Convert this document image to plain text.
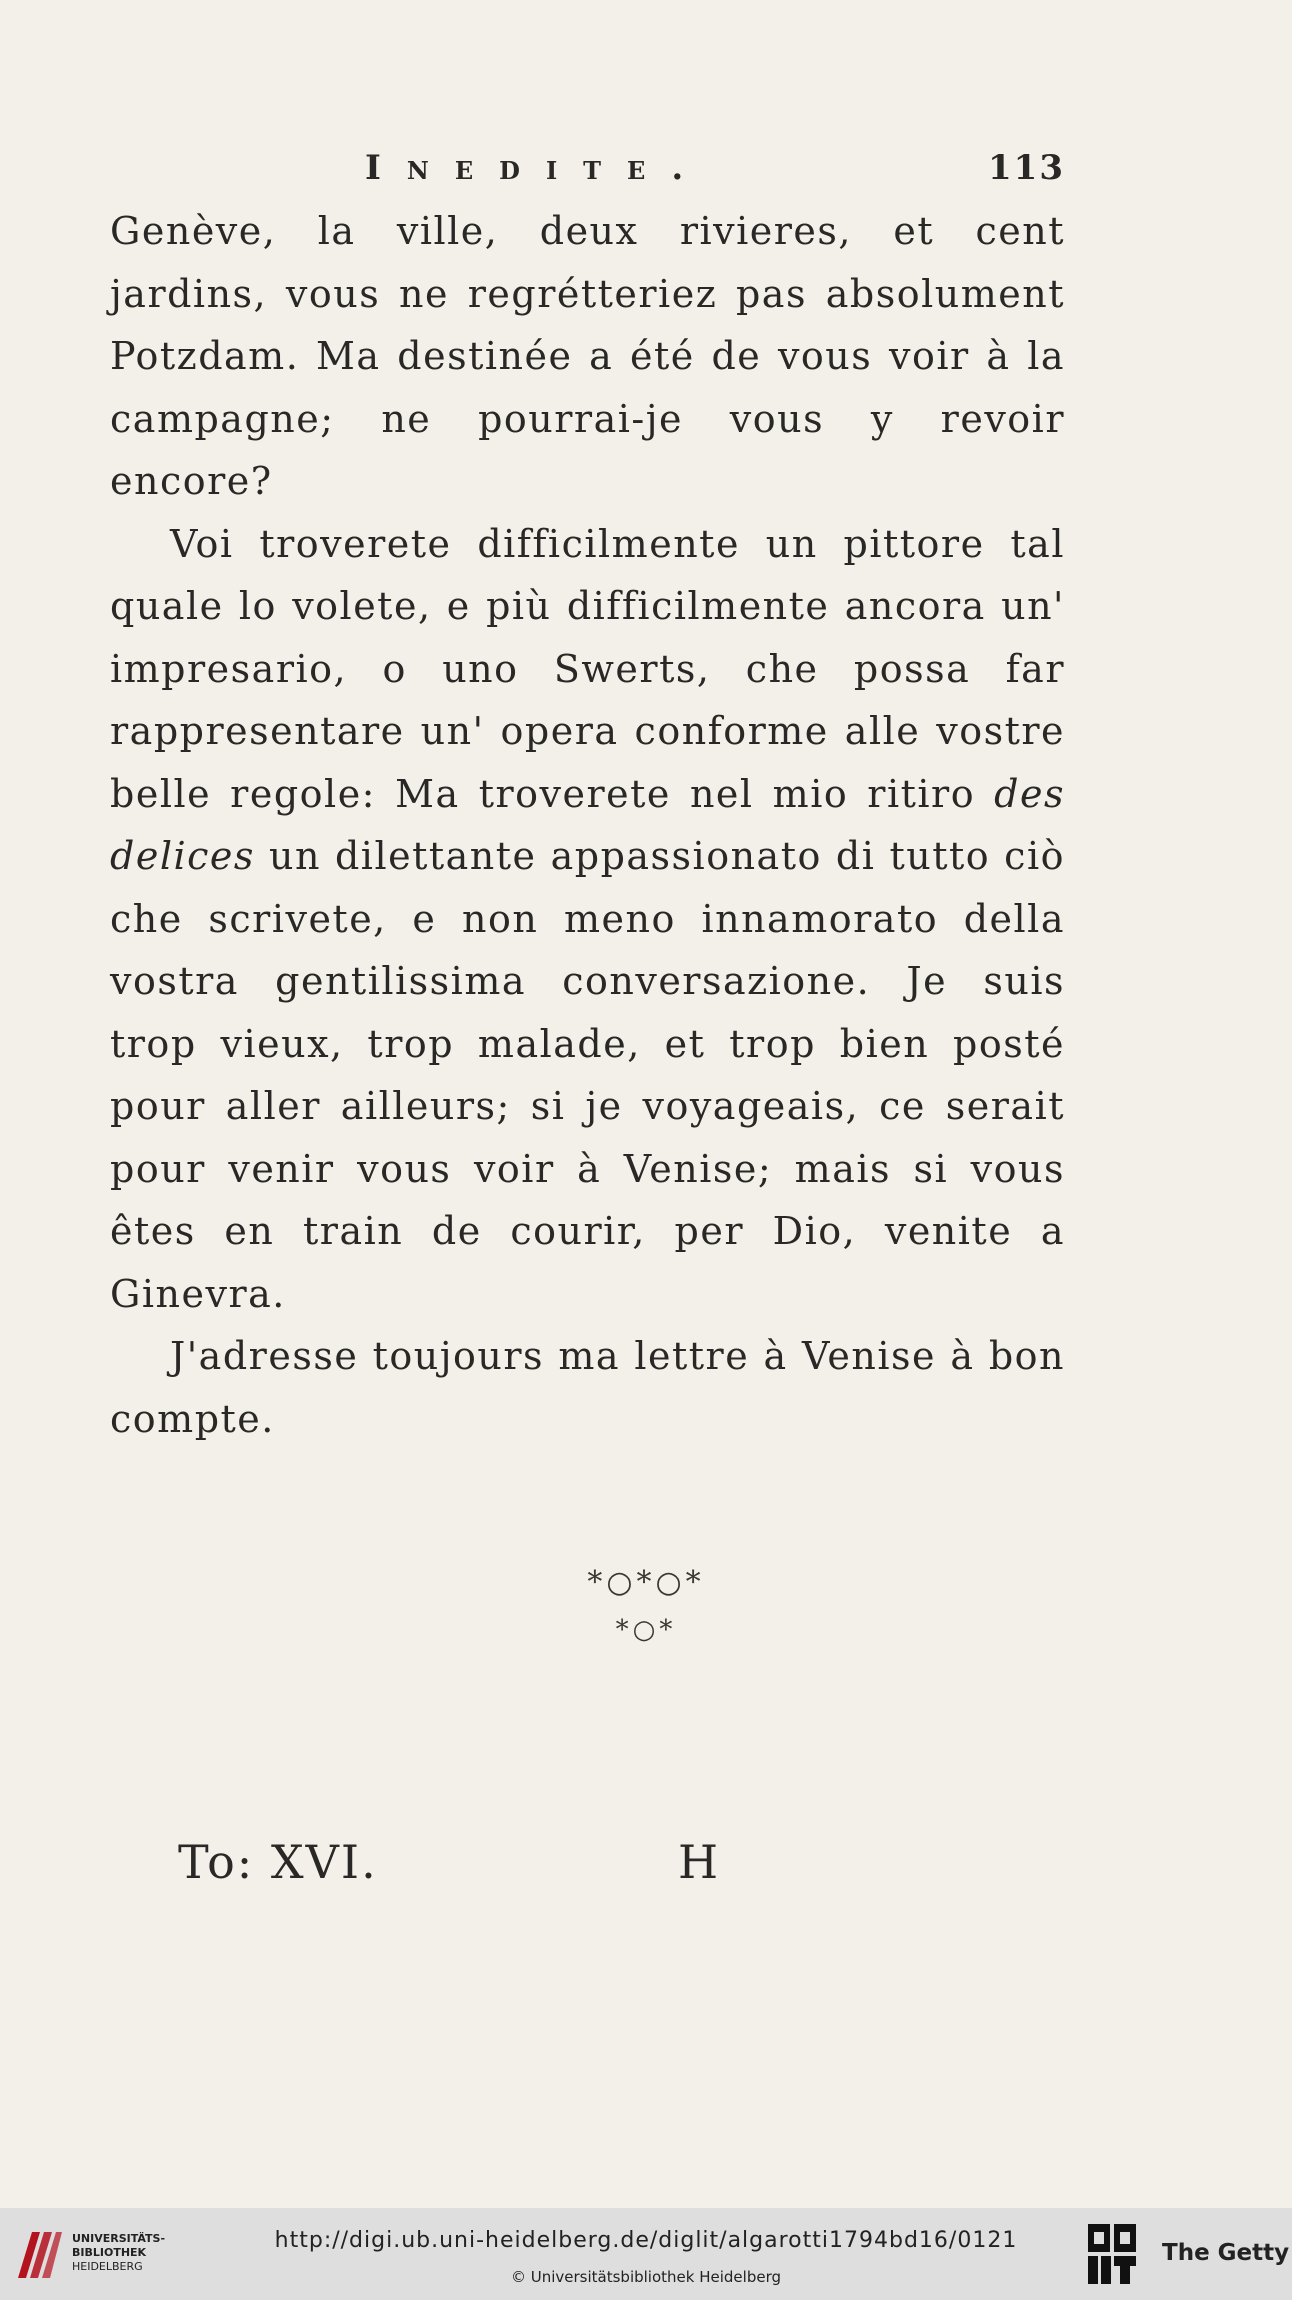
Inedite.	113

Genève, la ville, deux rivieres, et cent jardins, vous ne regrétteriez pas absolument Potzdam. Ma destinée a été de vous voir à la campagne; ne pourrai-je vous y revoir encore?

Voi troverete difficilmente un pittore tal quale lo volete, e più difficilmente ancora un' impresario, o uno Swerts, che possa far rappresentare un' opera conforme alle vostre belle regole: Ma troverete nel mio ritiro des delices un dilettante appassionato di tutto ciò che scrivete, e non meno innamorato della vostra gentilissima conversazione. Je suis trop vieux, trop malade, et trop bien posté pour aller ailleurs; si je voyageais, ce serait pour venir vous voir à Venise; mais si vous êtes en train de courir, per Dio, venite a Ginevra.

J'adresse toujours ma lettre à Venise à bon compte.

*○*○*
*○*
To: XVI.	H
UNIVERSITÄTS-
BIBLIOTHEK
HEIDELBERG
http://digi.ub.uni-heidelberg.de/diglit/algarotti1794bd16/0121
© Universitätsbibliothek Heidelberg
The Getty
